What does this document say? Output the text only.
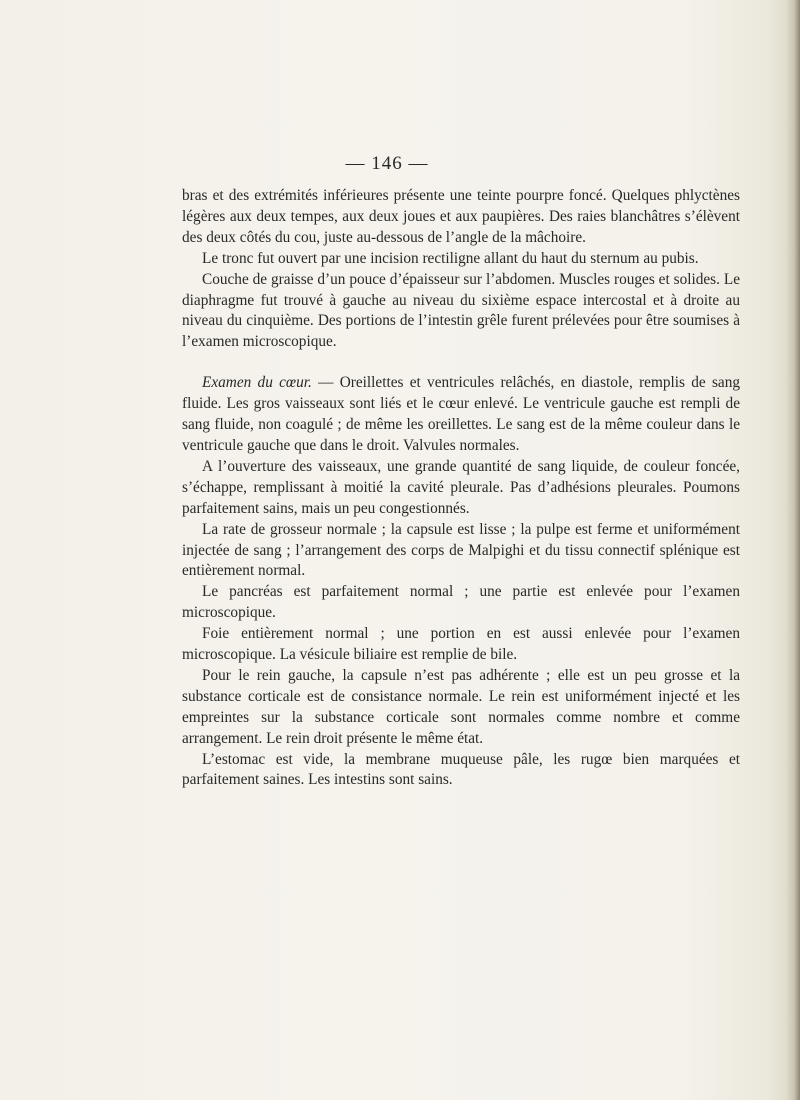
— 146 —

bras et des extrémités inférieures présente une teinte pourpre foncé. Quelques phlyctènes légères aux deux tempes, aux deux joues et aux paupières. Des raies blanchâtres s’élèvent des deux côtés du cou, juste au-dessous de l’angle de la mâchoire.

Le tronc fut ouvert par une incision rectiligne allant du haut du sternum au pubis.

Couche de graisse d’un pouce d’épaisseur sur l’abdomen. Muscles rouges et solides. Le diaphragme fut trouvé à gauche au niveau du sixième espace intercostal et à droite au niveau du cinquième. Des portions de l’intestin grêle furent prélevées pour être soumises à l’examen microscopique.

Examen du cœur. — Oreillettes et ventricules relâchés, en diastole, remplis de sang fluide. Les gros vaisseaux sont liés et le cœur enlevé. Le ventricule gauche est rempli de sang fluide, non coagulé ; de même les oreillettes. Le sang est de la même couleur dans le ventricule gauche que dans le droit. Valvules normales.

A l’ouverture des vaisseaux, une grande quantité de sang liquide, de couleur foncée, s’échappe, remplissant à moitié la cavité pleurale. Pas d’adhésions pleurales. Poumons parfaitement sains, mais un peu congestionnés.

La rate de grosseur normale ; la capsule est lisse ; la pulpe est ferme et uniformément injectée de sang ; l’arrangement des corps de Malpighi et du tissu connectif splénique est entièrement normal.

Le pancréas est parfaitement normal ; une partie est enlevée pour l’examen microscopique.

Foie entièrement normal ; une portion en est aussi enlevée pour l’examen microscopique. La vésicule biliaire est remplie de bile.

Pour le rein gauche, la capsule n’est pas adhérente ; elle est un peu grosse et la substance corticale est de consistance normale. Le rein est uniformément injecté et les empreintes sur la substance corticale sont normales comme nombre et comme arrangement. Le rein droit présente le même état.

L’estomac est vide, la membrane muqueuse pâle, les rugœ bien marquées et parfaitement saines. Les intestins sont sains.
